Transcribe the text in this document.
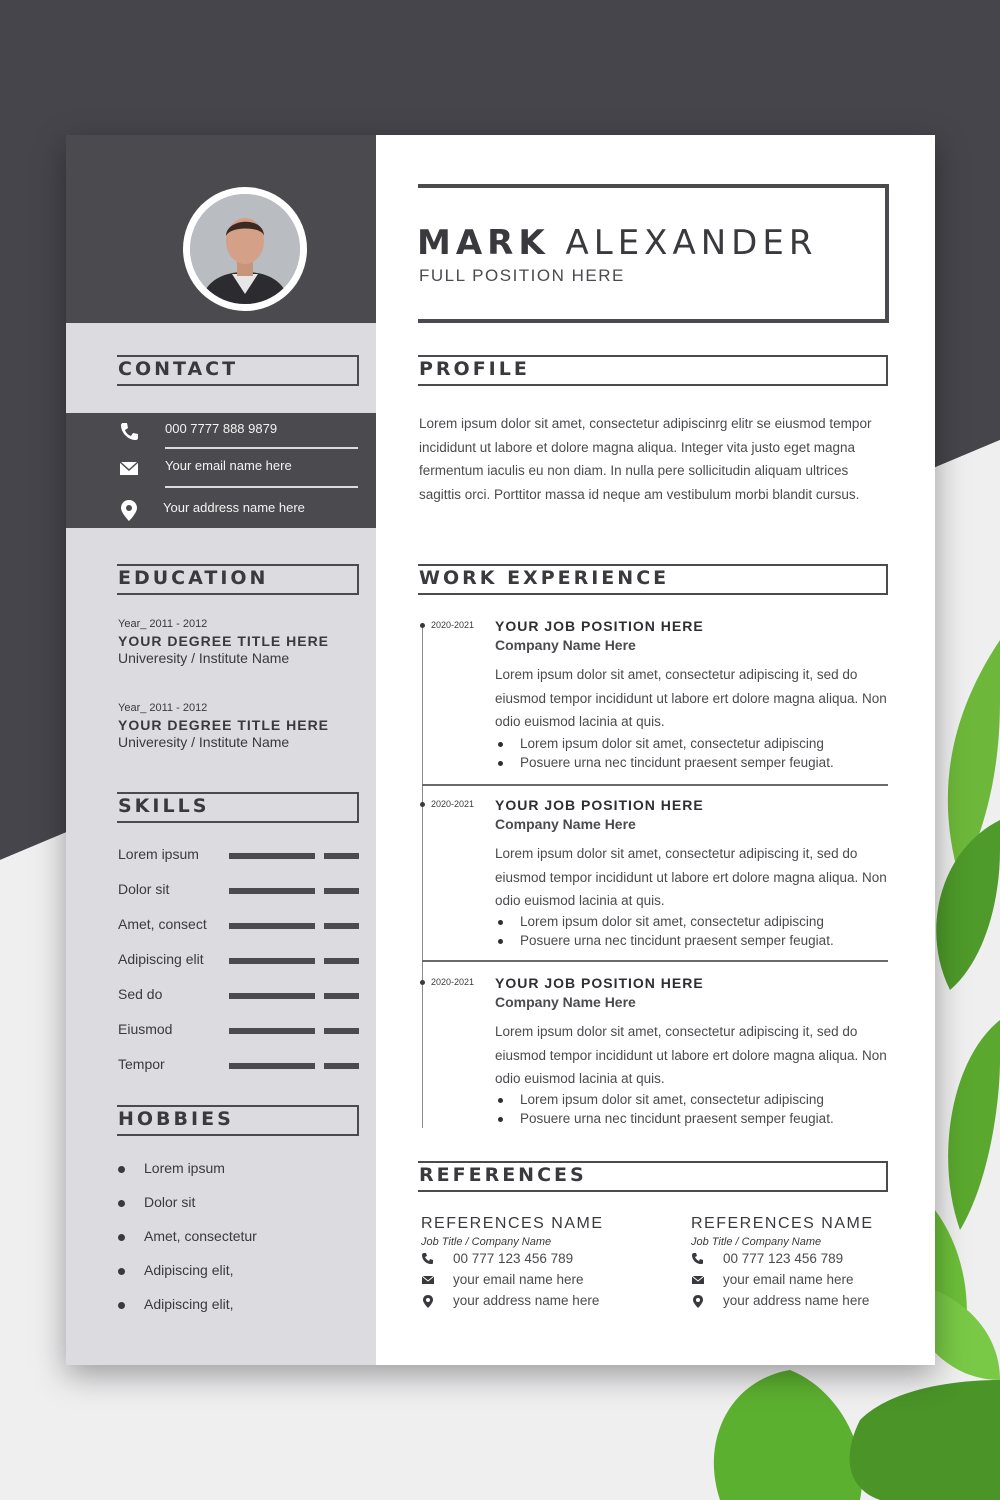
CONTACT
000 7777 888 9879
Your email name here
Your address name here
EDUCATION
Year_ 2011 - 2012
YOUR DEGREE TITLE HERE
Univeresity / Institute Name
Year_ 2011 - 2012
YOUR DEGREE TITLE HERE
Univeresity / Institute Name
SKILLS
Lorem ipsum
Dolor sit
Amet, consect
Adipiscing elit
Sed do
Eiusmod
Tempor
HOBBIES
Lorem ipsum
Dolor sit
Amet, consectetur
Adipiscing elit,
Adipiscing elit,
MARK ALEXANDER
FULL POSITION HERE
PROFILE
Lorem ipsum dolor sit amet, consectetur adipiscinrg elitr se eiusmod tempor incididunt ut labore et dolore magna aliqua. Integer vita justo eget magna fermentum iaculis eu non diam. In nulla pere sollicitudin aliquam ultrices sagittis orci. Porttitor massa id neque am vestibulum morbi blandit cursus.
WORK EXPERIENCE
2020-2021 YOUR JOB POSITION HERE
Company Name Here
Lorem ipsum dolor sit amet, consectetur adipiscing it, sed do eiusmod tempor incididunt ut labore ert dolore magna aliqua. Non odio euismod lacinia at quis.
Lorem ipsum dolor sit amet, consectetur adipiscing
Posuere urna nec tincidunt praesent semper feugiat.
2020-2021 YOUR JOB POSITION HERE
Company Name Here
Lorem ipsum dolor sit amet, consectetur adipiscing it, sed do eiusmod tempor incididunt ut labore ert dolore magna aliqua. Non odio euismod lacinia at quis.
Lorem ipsum dolor sit amet, consectetur adipiscing
Posuere urna nec tincidunt praesent semper feugiat.
2020-2021 YOUR JOB POSITION HERE
Company Name Here
Lorem ipsum dolor sit amet, consectetur adipiscing it, sed do eiusmod tempor incididunt ut labore ert dolore magna aliqua. Non odio euismod lacinia at quis.
Lorem ipsum dolor sit amet, consectetur adipiscing
Posuere urna nec tincidunt praesent semper feugiat.
REFERENCES
REFERENCES NAME
Job Title / Company Name
00 777 123 456 789
your email name here
your address name here
REFERENCES NAME
Job Title / Company Name
00 777 123 456 789
your email name here
your address name here
